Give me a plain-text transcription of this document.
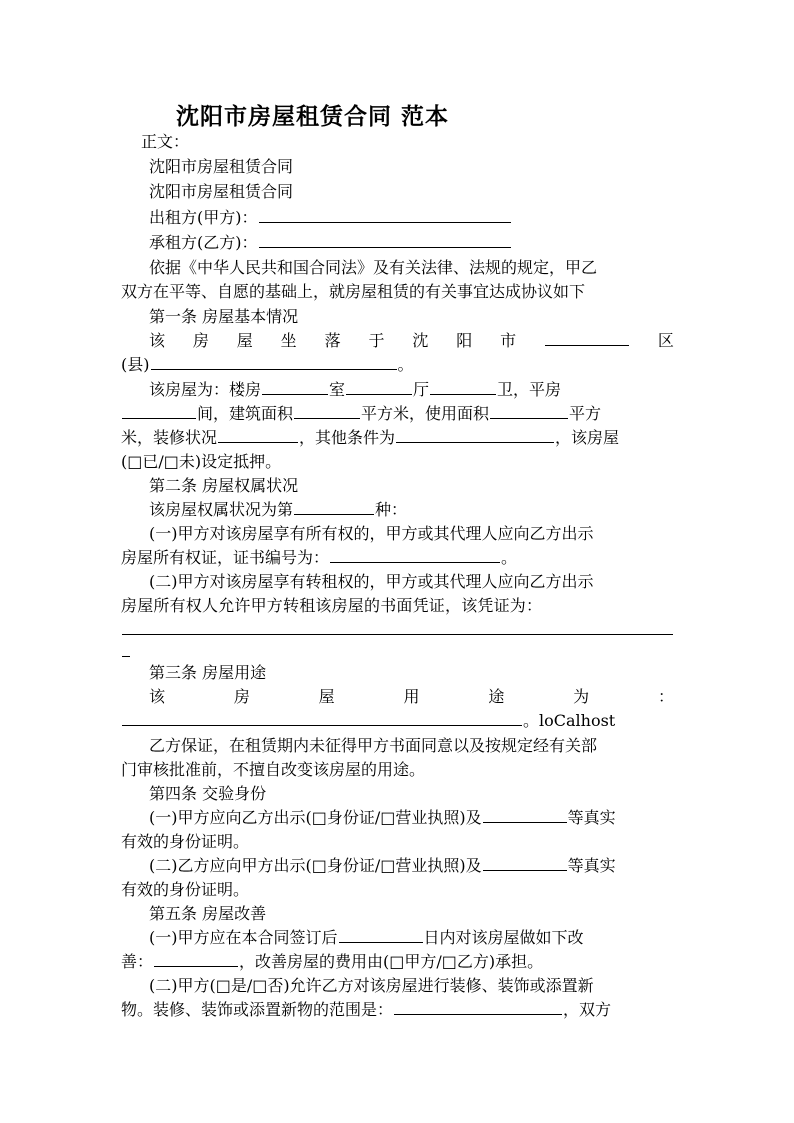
沈阳市房屋租赁合同 范本
正文：
沈阳市房屋租赁合同
沈阳市房屋租赁合同
出租方(甲方)：
承租方(乙方)：
依据《中华人民共和国合同法》及有关法律、法规的规定，甲乙
双方在平等、自愿的基础上，就房屋租赁的有关事宜达成协议如下
第一条 房屋基本情况
该 房 屋 坐 落 于 沈 阳 市	区
(县)	。
该房屋为：楼房	室	厅	卫，平房
间，建筑面积	平方米，使用面积	平方
米，装修状况	，其他条件为	，该房屋
(□已/□未)设定抵押。
第二条 房屋权属状况
该房屋权属状况为第	种：
(一)甲方对该房屋享有所有权的，甲方或其代理人应向乙方出示
房屋所有权证，证书编号为：	。
(二)甲方对该房屋享有转租权的，甲方或其代理人应向乙方出示
房屋所有权人允许甲方转租该房屋的书面凭证，该凭证为：
第三条 房屋用途
该	房	屋	用	途	为	：
。loCalhost
乙方保证，在租赁期内未征得甲方书面同意以及按规定经有关部
门审核批准前，不擅自改变该房屋的用途。
第四条 交验身份
(一)甲方应向乙方出示(□身份证/□营业执照)及	等真实
有效的身份证明。
(二)乙方应向甲方出示(□身份证/□营业执照)及	等真实
有效的身份证明。
第五条 房屋改善
(一)甲方应在本合同签订后	日内对该房屋做如下改
善：	，改善房屋的费用由(□甲方/□乙方)承担。
(二)甲方(□是/□否)允许乙方对该房屋进行装修、装饰或添置新
物。装修、装饰或添置新物的范围是：	，双方
